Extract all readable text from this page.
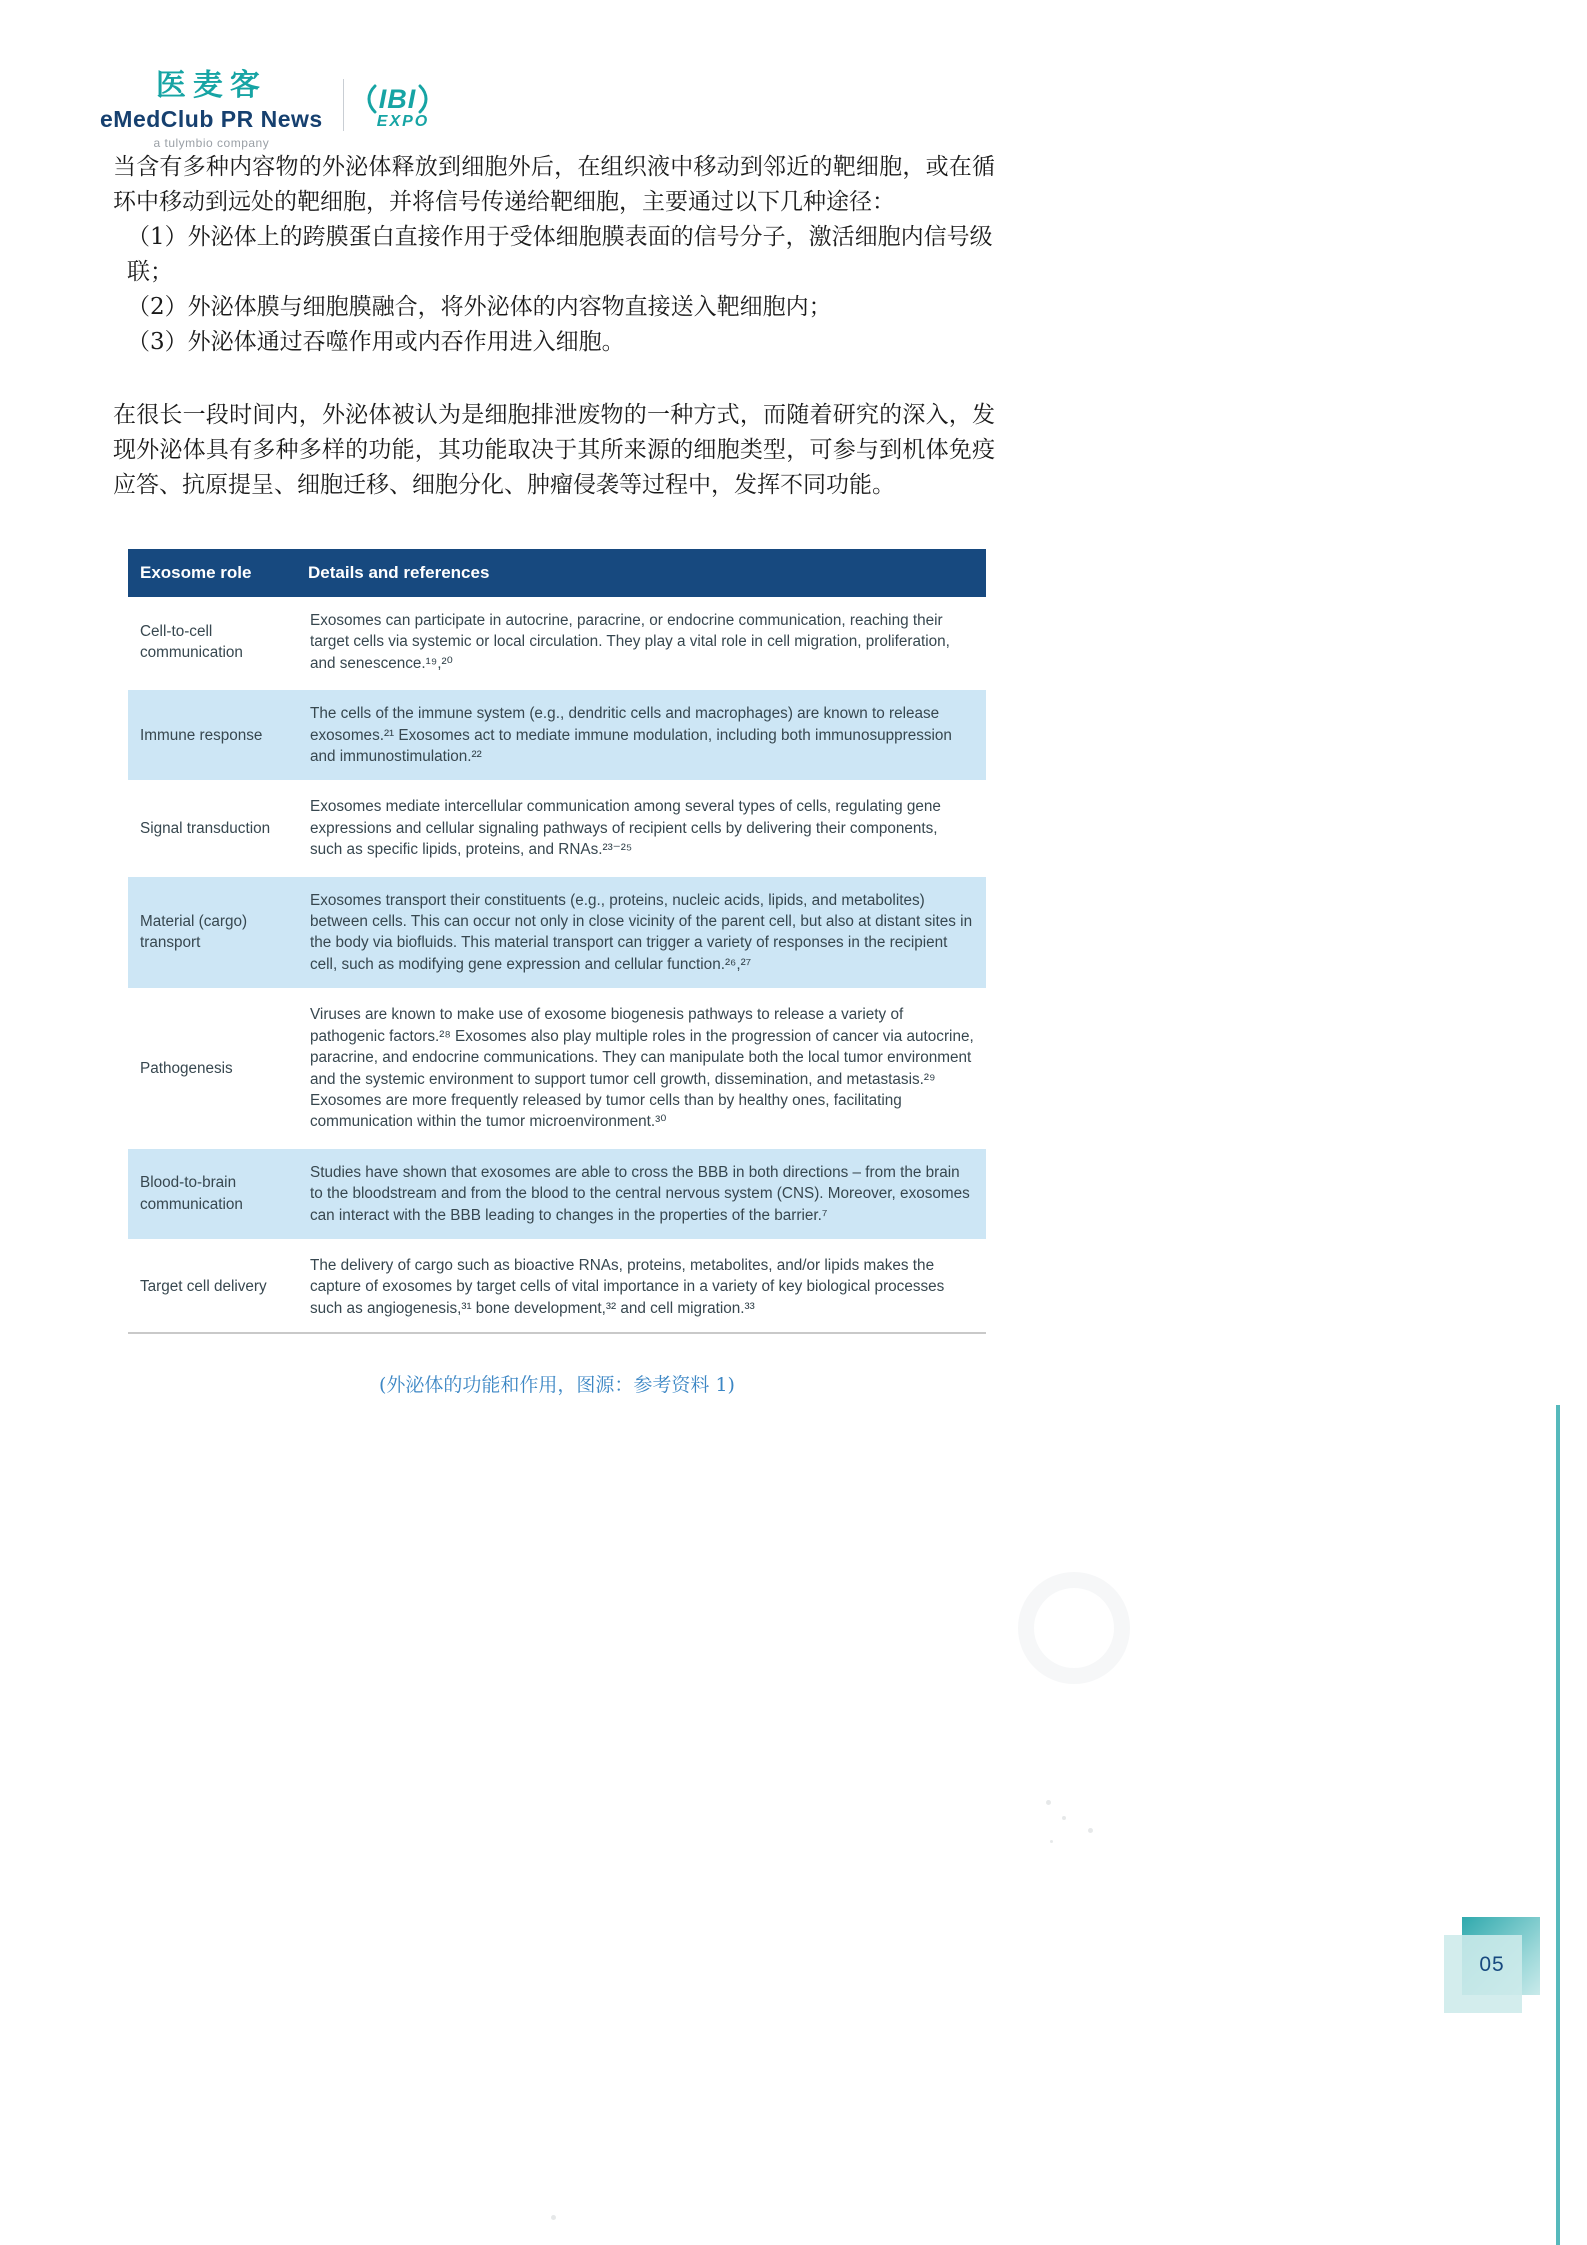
医麦客
eMedClub PR News
a tulymbio company
IBI
EXPO

当含有多种内容物的外泌体释放到细胞外后，在组织液中移动到邻近的靶细胞，或在循环中移动到远处的靶细胞，并将信号传递给靶细胞，主要通过以下几种途径：

（1）外泌体上的跨膜蛋白直接作用于受体细胞膜表面的信号分子，激活细胞内信号级联；

（2）外泌体膜与细胞膜融合，将外泌体的内容物直接送入靶细胞内；

（3）外泌体通过吞噬作用或内吞作用进入细胞。

在很长一段时间内，外泌体被认为是细胞排泄废物的一种方式，而随着研究的深入，发现外泌体具有多种多样的功能，其功能取决于其所来源的细胞类型，可参与到机体免疫应答、抗原提呈、细胞迁移、细胞分化、肿瘤侵袭等过程中，发挥不同功能。

Exosome role	Details and references
Cell-to-cell communication
Exosomes can participate in autocrine, paracrine, or endocrine communication, reaching their target cells via systemic or local circulation. They play a vital role in cell migration, proliferation, and senescence.¹⁹,²⁰
Immune response
The cells of the immune system (e.g., dendritic cells and macrophages) are known to release exosomes.²¹ Exosomes act to mediate immune modulation, including both immunosuppression and immunostimulation.²²
Signal transduction
Exosomes mediate intercellular communication among several types of cells, regulating gene expressions and cellular signaling pathways of recipient cells by delivering their components, such as specific lipids, proteins, and RNAs.²³⁻²⁵
Material (cargo) transport
Exosomes transport their constituents (e.g., proteins, nucleic acids, lipids, and metabolites) between cells. This can occur not only in close vicinity of the parent cell, but also at distant sites in the body via biofluids. This material transport can trigger a variety of responses in the recipient cell, such as modifying gene expression and cellular function.²⁶,²⁷
Pathogenesis
Viruses are known to make use of exosome biogenesis pathways to release a variety of pathogenic factors.²⁸ Exosomes also play multiple roles in the progression of cancer via autocrine, paracrine, and endocrine communications. They can manipulate both the local tumor environment and the systemic environment to support tumor cell growth, dissemination, and metastasis.²⁹ Exosomes are more frequently released by tumor cells than by healthy ones, facilitating communication within the tumor microenvironment.³⁰
Blood-to-brain communication
Studies have shown that exosomes are able to cross the BBB in both directions – from the brain to the bloodstream and from the blood to the central nervous system (CNS). Moreover, exosomes can interact with the BBB leading to changes in the properties of the barrier.⁷
Target cell delivery
The delivery of cargo such as bioactive RNAs, proteins, metabolites, and/or lipids makes the capture of exosomes by target cells of vital importance in a variety of key biological processes such as angiogenesis,³¹ bone development,³² and cell migration.³³

(外泌体的功能和作用，图源：参考资料 1)

05
